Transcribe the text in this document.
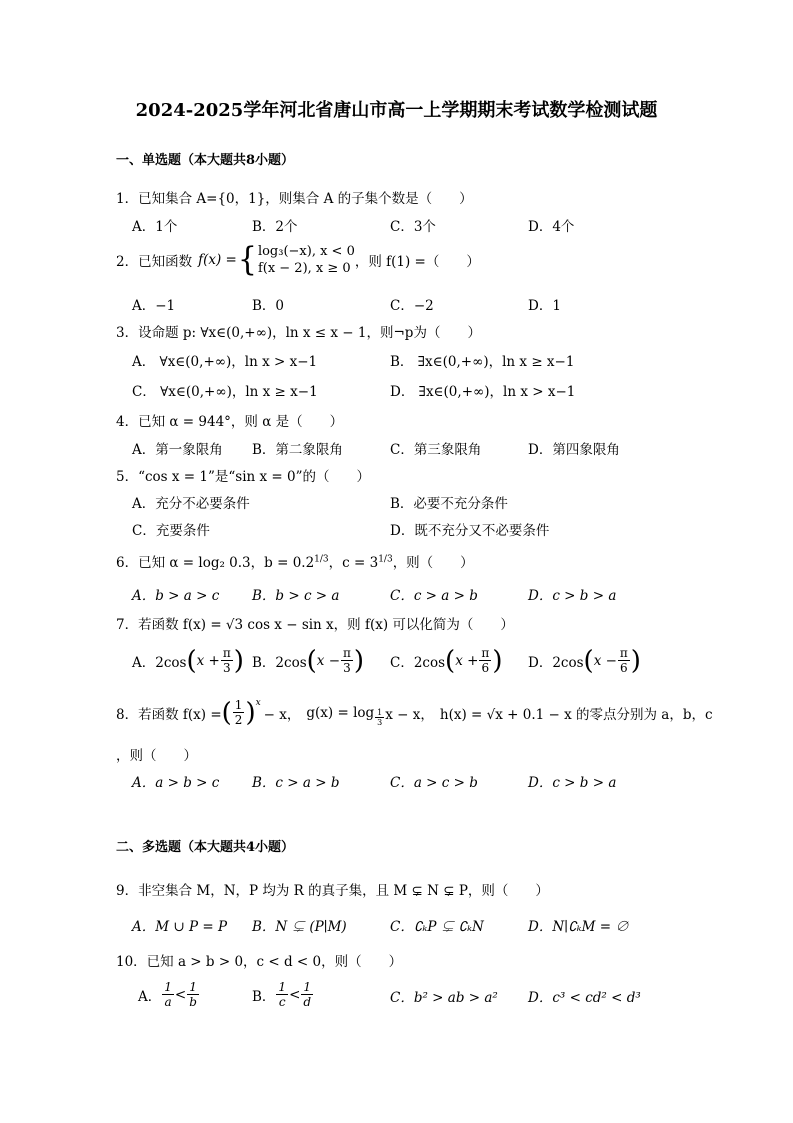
2024-2025学年河北省唐山市高一上学期期末考试数学检测试题
一、单选题（本大题共8小题）
1．已知集合 A={0，1}，则集合 A 的子集个数是（　　）
A．1个	B．2个	C．3个	D．4个
2．已知函数 f(x) = { log₃(−x), x < 0
f(x − 2), x ≥ 0 ，则 f(1) =（　　）
A．−1	B．0	C．−2	D．1
3．设命题 p: ∀x∈(0,+∞)，ln x ≤ x − 1，则¬p为（　　）
A． ∀x∈(0,+∞)，ln x > x−1	B． ∃x∈(0,+∞)，ln x ≥ x−1
C． ∀x∈(0,+∞)，ln x ≥ x−1	D． ∃x∈(0,+∞)，ln x > x−1
4．已知 α = 944°，则 α 是（　　）
A．第一象限角 B．第二象限角	C．第三象限角	D．第四象限角
5．“cos x = 1”是“sin x = 0”的（　　）
A．充分不必要条件	B．必要不充分条件
C．充要条件	D．既不充分又不必要条件
6．已知 α = log₂ 0.3，$b = 0.2^{1/3}$，$c = 3^{1/3}$，则（　　）
A．b > a > c B．b > c > a	C．c > a > b	D．c > b > a
7．若函数 f(x) = √3 cos x − sin x，则 f(x) 可以化简为（　　）
A．2cos ( $x + \frac{\pi}{3}$ ) B．2cos ( $x - \frac{\pi}{3}$ ) C．2cos ( $x + \frac{\pi}{6}$ ) D．2cos ( $x - \frac{\pi}{6}$ )
8．若函数 f(x) = ( $\frac{1}{2} )^x$
− x， $g(x) = \log \frac{1}{3}$ x − x， h(x) = √x + 0.1 − x 的零点分别为 a，b，c
，则（　　）
A．a > b > c B．c > a > b	C．a > c > b	D．c > b > a
二、多选题（本大题共4小题）
9．非空集合 M，N，P 均为 R 的真子集，且 M ⊊ N ⊊ P，则（　　）
A．M ∪ P = P B．N ⊊ (P∣M)	C．∁ₖP ⊊ ∁ₖN	D．N∣∁ₖM = ∅
10．已知 a > b > 0，c < d < 0，则（　　）
A． $\frac{1}{a} < \frac{1}{b}$	B． $\frac{1}{c} < \frac{1}{d}$	C．b² > ab > a² D．c³ < cd² < d³
